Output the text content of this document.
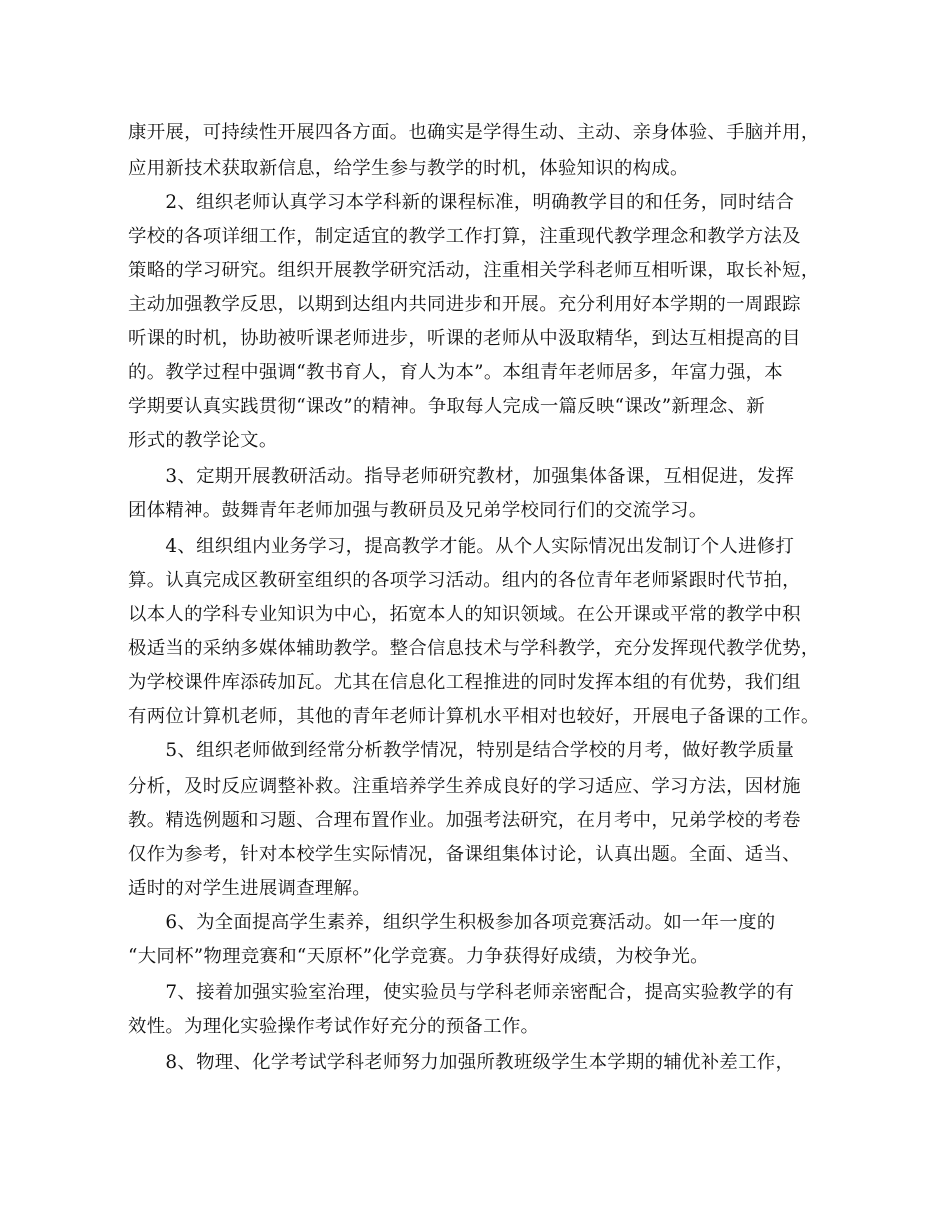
康开展，可持续性开展四各方面。也确实是学得生动、主动、亲身体验、手脑并用，
应用新技术获取新信息，给学生参与教学的时机，体验知识的构成。
　　2、组织老师认真学习本学科新的课程标准，明确教学目的和任务，同时结合
学校的各项详细工作，制定适宜的教学工作打算，注重现代教学理念和教学方法及
策略的学习研究。组织开展教学研究活动，注重相关学科老师互相听课，取长补短，
主动加强教学反思，以期到达组内共同进步和开展。充分利用好本学期的一周跟踪
听课的时机，协助被听课老师进步，听课的老师从中汲取精华，到达互相提高的目
的。教学过程中强调“教书育人，育人为本”。本组青年老师居多，年富力强，本
学期要认真实践贯彻“课改”的精神。争取每人完成一篇反映“课改”新理念、新
形式的教学论文。
　　3、定期开展教研活动。指导老师研究教材，加强集体备课，互相促进，发挥
团体精神。鼓舞青年老师加强与教研员及兄弟学校同行们的交流学习。
　　4、组织组内业务学习，提高教学才能。从个人实际情况出发制订个人进修打
算。认真完成区教研室组织的各项学习活动。组内的各位青年老师紧跟时代节拍，
以本人的学科专业知识为中心，拓宽本人的知识领域。在公开课或平常的教学中积
极适当的采纳多媒体辅助教学。整合信息技术与学科教学，充分发挥现代教学优势，
为学校课件库添砖加瓦。尤其在信息化工程推进的同时发挥本组的有优势，我们组
有两位计算机老师，其他的青年老师计算机水平相对也较好，开展电子备课的工作。
　　5、组织老师做到经常分析教学情况，特别是结合学校的月考，做好教学质量
分析，及时反应调整补救。注重培养学生养成良好的学习适应、学习方法，因材施
教。精选例题和习题、合理布置作业。加强考法研究，在月考中，兄弟学校的考卷
仅作为参考，针对本校学生实际情况，备课组集体讨论，认真出题。全面、适当、
适时的对学生进展调查理解。
　　6、为全面提高学生素养，组织学生积极参加各项竞赛活动。如一年一度的
“大同杯”物理竞赛和“天原杯”化学竞赛。力争获得好成绩，为校争光。
　　7、接着加强实验室治理，使实验员与学科老师亲密配合，提高实验教学的有
效性。为理化实验操作考试作好充分的预备工作。
　　8、物理、化学考试学科老师努力加强所教班级学生本学期的辅优补差工作，
